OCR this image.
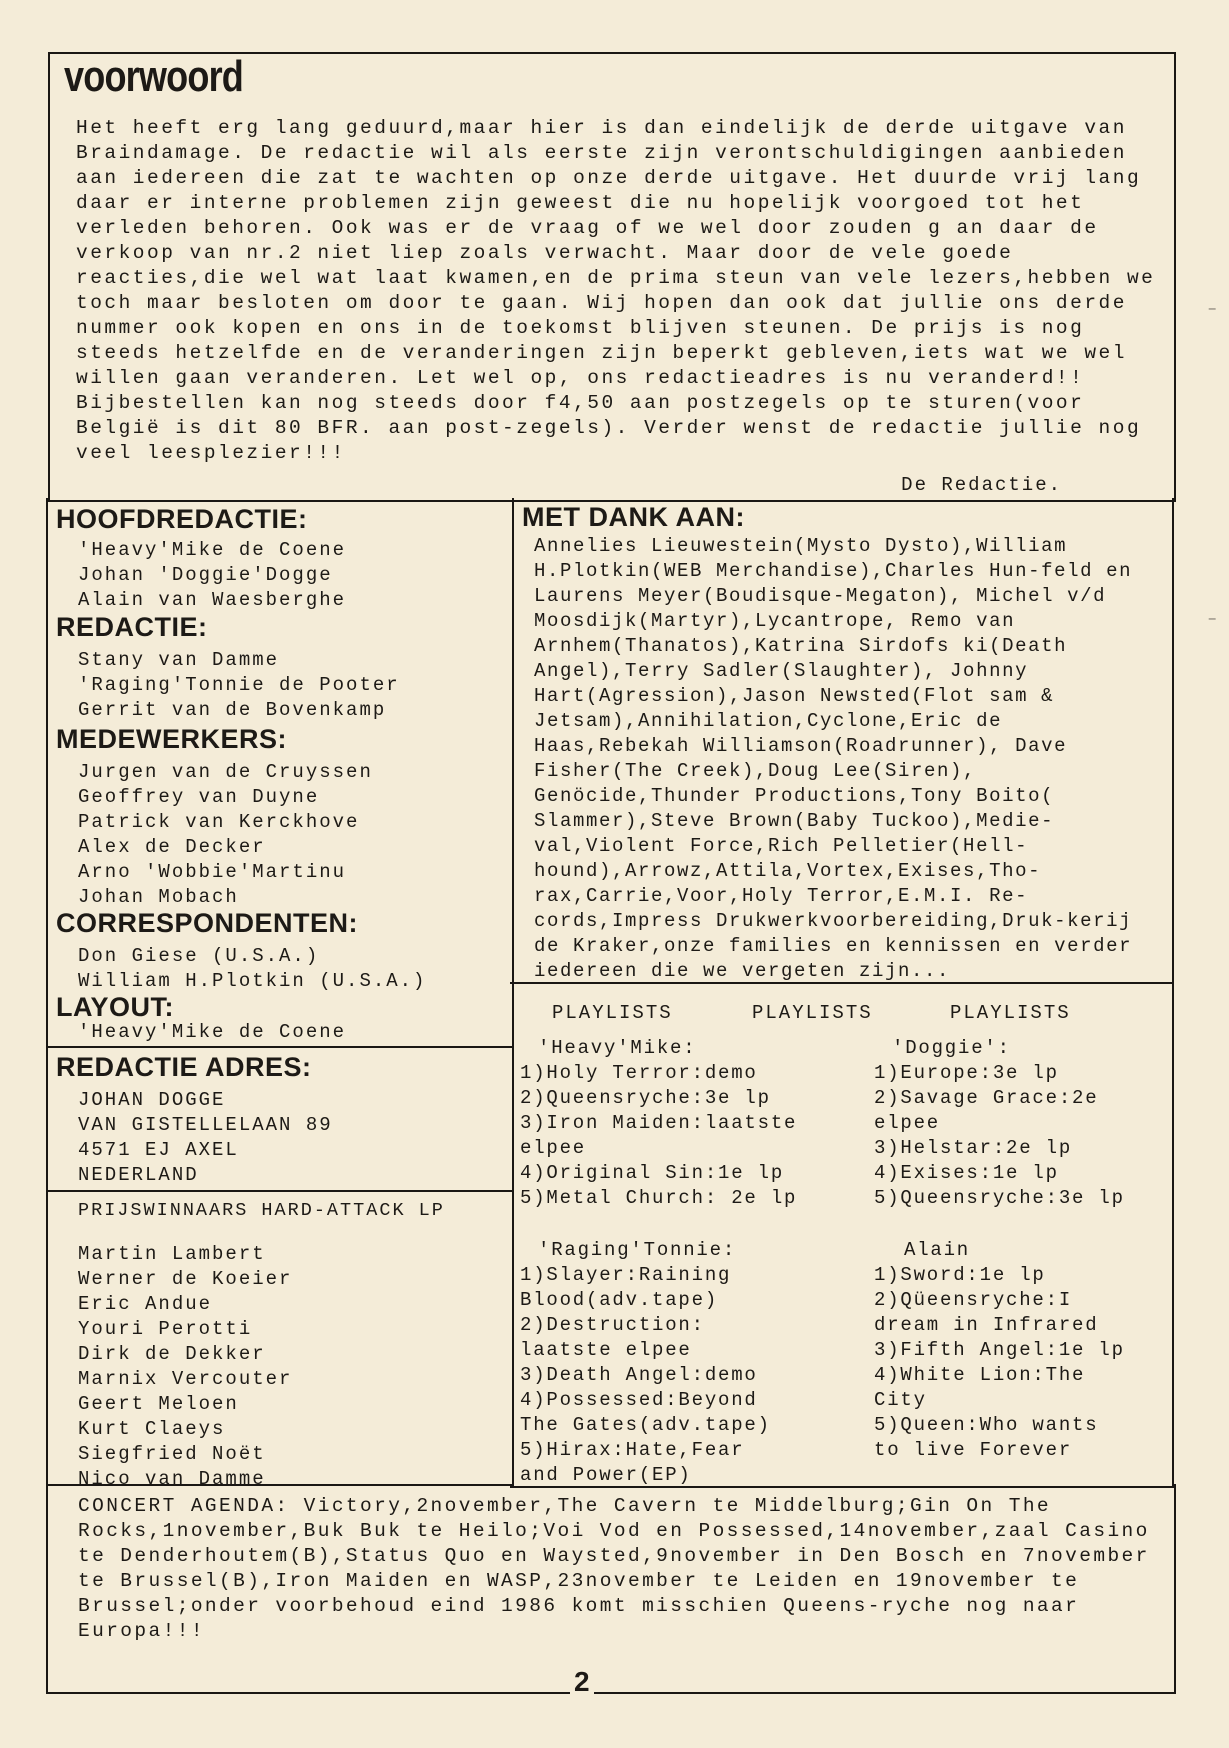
voorwoord
Het heeft erg lang geduurd,maar hier is dan eindelijk de derde uitgave van Braindamage. De redactie wil als eerste zijn verontschuldigingen aanbieden aan iedereen die zat te wachten op onze derde uitgave. Het duurde vrij lang daar er interne problemen zijn geweest die nu hopelijk voorgoed tot het verleden behoren. Ook was er de vraag of we wel door zouden g an daar de verkoop van nr.2 niet liep zoals verwacht. Maar door de vele goede reacties,die wel wat laat kwamen,en de prima steun van vele lezers,hebben we toch maar besloten om door te gaan. Wij hopen dan ook dat jullie ons derde nummer ook kopen en ons in de toekomst blijven steunen. De prijs is nog steeds hetzelfde en de veranderingen zijn beperkt gebleven,iets wat we wel willen gaan veranderen. Let wel op, ons redactieadres is nu veranderd!! Bijbestellen kan nog steeds door f4,50 aan postzegels op te sturen(voor België is dit 80 BFR. aan post-zegels). Verder wenst de redactie jullie nog veel leesplezier!!!
De Redactie.
HOOFDREDACTIE:
'Heavy'Mike de Coene
Johan 'Doggie'Dogge
Alain van Waesberghe
REDACTIE:
Stany van Damme
'Raging'Tonnie de Pooter
Gerrit van de Bovenkamp
MEDEWERKERS:
Jurgen van de Cruyssen
Geoffrey van Duyne
Patrick van Kerckhove
Alex de Decker
Arno 'Wobbie'Martinu
Johan Mobach
CORRESPONDENTEN:
Don Giese (U.S.A.)
William H.Plotkin (U.S.A.)
LAYOUT:
'Heavy'Mike de Coene
MET DANK AAN:
Annelies Lieuwestein(Mysto Dysto),William H.Plotkin(WEB Merchandise),Charles Hun-feld en Laurens Meyer(Boudisque-Megaton), Michel v/d Moosdijk(Martyr),Lycantrope, Remo van Arnhem(Thanatos),Katrina Sirdofs ki(Death Angel),Terry Sadler(Slaughter), Johnny Hart(Agression),Jason Newsted(Flot sam & Jetsam),Annihilation,Cyclone,Eric de Haas,Rebekah Williamson(Roadrunner), Dave Fisher(The Creek),Doug Lee(Siren), Genöcide,Thunder Productions,Tony Boito( Slammer),Steve Brown(Baby Tuckoo),Medie-val,Violent Force,Rich Pelletier(Hell-hound),Arrowz,Attila,Vortex,Exises,Tho-rax,Carrie,Voor,Holy Terror,E.M.I. Re-cords,Impress Drukwerkvoorbereiding,Druk-kerij de Kraker,onze families en kennissen en verder iedereen die we vergeten zijn...
REDACTIE ADRES:
JOHAN DOGGE
VAN GISTELLELAAN 89
4571 EJ AXEL
NEDERLAND
PRIJSWINNAARS HARD-ATTACK LP
Martin Lambert
Werner de Koeier
Eric Andue
Youri Perotti
Dirk de Dekker
Marnix Vercouter
Geert Meloen
Kurt Claeys
Siegfried Noët
Nico van Damme
PLAYLISTS	PLAYLISTS	PLAYLISTS
'Heavy'Mike:
1)Holy Terror:demo
2)Queensryche:3e lp
3)Iron Maiden:laatste
elpee
4)Original Sin:1e lp
5)Metal Church: 2e lp
'Doggie':
1)Europe:3e lp
2)Savage Grace:2e
elpee
3)Helstar:2e lp
4)Exises:1e lp
5)Queensryche:3e lp
'Raging'Tonnie:
1)Slayer:Raining
Blood(adv.tape)
2)Destruction:
laatste elpee
3)Death Angel:demo
4)Possessed:Beyond
The Gates(adv.tape)
5)Hirax:Hate,Fear
and Power(EP)
Alain
1)Sword:1e lp
2)Qüeensryche:I
dream in Infrared
3)Fifth Angel:1e lp
4)White Lion:The
City
5)Queen:Who wants
to live Forever
CONCERT AGENDA: Victory,2november,The Cavern te Middelburg;Gin On The Rocks,1november,Buk Buk te Heilo;Voi Vod en Possessed,14november,zaal Casino te Denderhoutem(B),Status Quo en Waysted,9november in Den Bosch en 7november te Brussel(B),Iron Maiden en WASP,23november te Leiden en 19november te Brussel;onder voorbehoud eind 1986 komt misschien Queens-ryche nog naar Europa!!!
2
–
–
